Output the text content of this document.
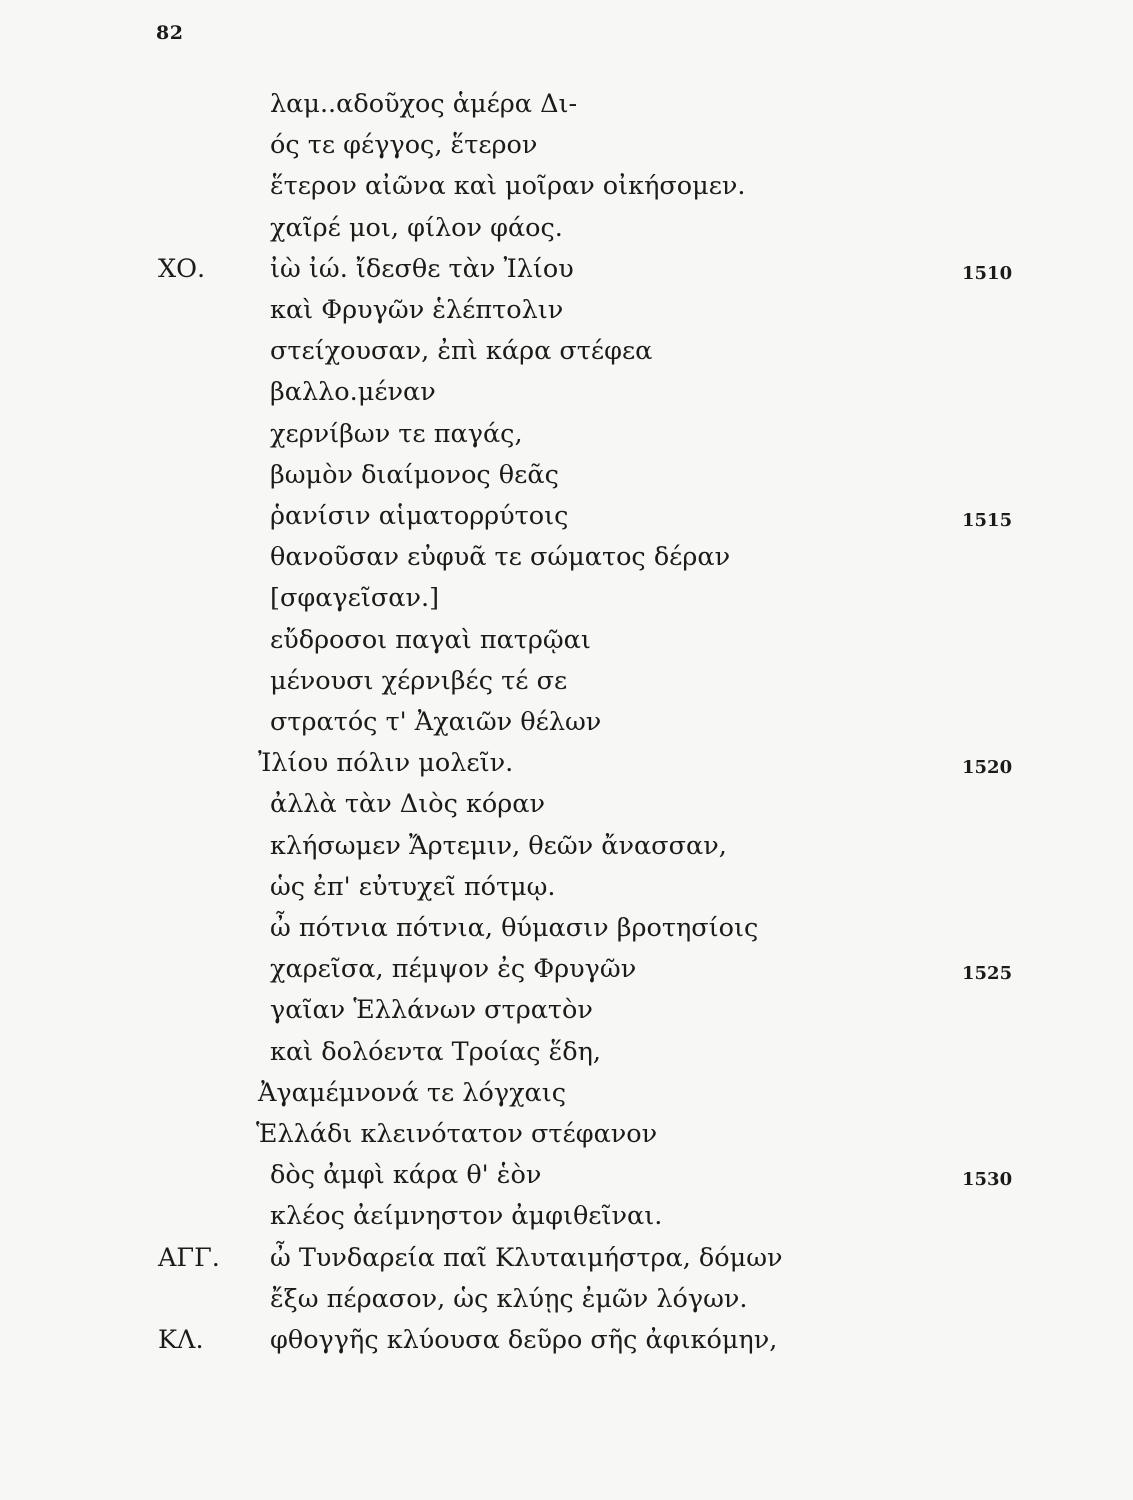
82
λαμ..αδοῦχος ἁμέρα Δι-
ός τε φέγγος, ἕτερον
ἕτερον αἰῶνα καὶ μοῖραν οἰκήσομεν.
χαῖρέ μοι, φίλον φάος.
ΧΟ.	ἰὼ ἰώ. ἴδεσθε τὰν Ἰλίου	1510
καὶ Φρυγῶν ἑλέπτολιν
στείχουσαν, ἐπὶ κάρα στέφεα
βαλλο.μέναν
χερνίβων τε παγάς,
βωμὸν διαίμονος θεᾶς
ῥανίσιν αἱματορρύτοις	1515
θανοῦσαν εὐφυᾶ τε σώματος δέραν
[σφαγεῖσαν.]
εὔδροσοι παγαὶ πατρῷαι
μένουσι χέρνιβές τέ σε
στρατός τ' Ἀχαιῶν θέλων
Ἰλίου πόλιν μολεῖν.	1520
ἀλλὰ τὰν Διὸς κόραν
κλήσωμεν Ἄρτεμιν, θεῶν ἄνασσαν,
ὡς ἐπ' εὐτυχεῖ πότμῳ.
ὦ πότνια πότνια, θύμασιν βροτησίοις
χαρεῖσα, πέμψον ἐς Φρυγῶν	1525
γαῖαν Ἑλλάνων στρατὸν
καὶ δολόεντα Τροίας ἕδη,
Ἀγαμέμνονά τε λόγχαις
Ἑλλάδι κλεινότατον στέφανον
δὸς ἀμφὶ κάρα θ' ἑὸν	1530
κλέος ἀείμνηστον ἀμφιθεῖναι.
ΑΓΓ. ὦ Τυνδαρεία παῖ Κλυταιμήστρα, δόμων
ἔξω πέρασον, ὡς κλύῃς ἐμῶν λόγων.
ΚΛ.	φθογγῆς κλύουσα δεῦρο σῆς ἀφικόμην,
